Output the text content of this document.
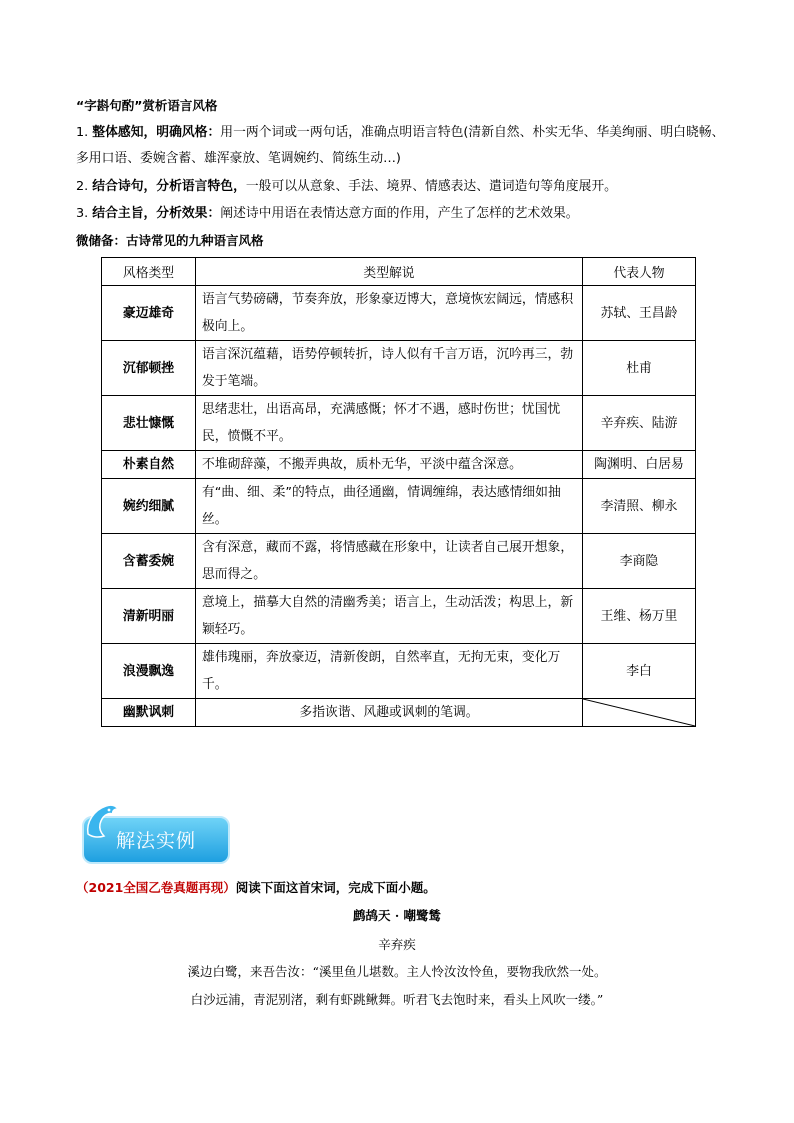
“字斟句酌”赏析语言风格
1. 整体感知，明确风格：用一两个词或一两句话，准确点明语言特色(清新自然、朴实无华、华美绚丽、明白晓畅、多用口语、委婉含蓄、雄浑豪放、笔调婉约、简练生动…)
2. 结合诗句，分析语言特色，一般可以从意象、手法、境界、情感表达、遣词造句等角度展开。
3. 结合主旨，分析效果：阐述诗中用语在表情达意方面的作用，产生了怎样的艺术效果。
微储备：古诗常见的九种语言风格
风格类型	类型解说	代表人物
豪迈雄奇	语言气势磅礴，节奏奔放，形象豪迈博大，意境恢宏阔远，情感积极向上。	苏轼、王昌龄
沉郁顿挫	语言深沉蕴藉，语势停顿转折，诗人似有千言万语，沉吟再三，勃发于笔端。	杜甫
悲壮慷慨	思绪悲壮，出语高昂，充满感慨；怀才不遇，感时伤世；忧国忧民，愤慨不平。	辛弃疾、陆游
朴素自然	不堆砌辞藻，不搬弄典故，质朴无华，平淡中蕴含深意。	陶渊明、白居易
婉约细腻	有“曲、细、柔”的特点，曲径通幽，情调缠绵，表达感情细如抽丝。	李清照、柳永
含蓄委婉	含有深意，藏而不露，将情感藏在形象中，让读者自己展开想象，思而得之。	李商隐
清新明丽	意境上，描摹大自然的清幽秀美；语言上，生动活泼；构思上，新颖轻巧。	王维、杨万里
浪漫飘逸	雄伟瑰丽，奔放豪迈，清新俊朗，自然率直，无拘无束，变化万千。	李白
幽默讽刺	多指诙谐、风趣或讽刺的笔调。	
解法实例
（2021全国乙卷真题再现）阅读下面这首宋词，完成下面小题。
鹧鸪天 · 嘲鹭鸶
辛弃疾
溪边白鹭，来吾告汝：“溪里鱼儿堪数。主人怜汝汝怜鱼，要物我欣然一处。
白沙远浦，青泥别渚，剩有虾跳鳅舞。听君飞去饱时来，看头上风吹一缕。”
